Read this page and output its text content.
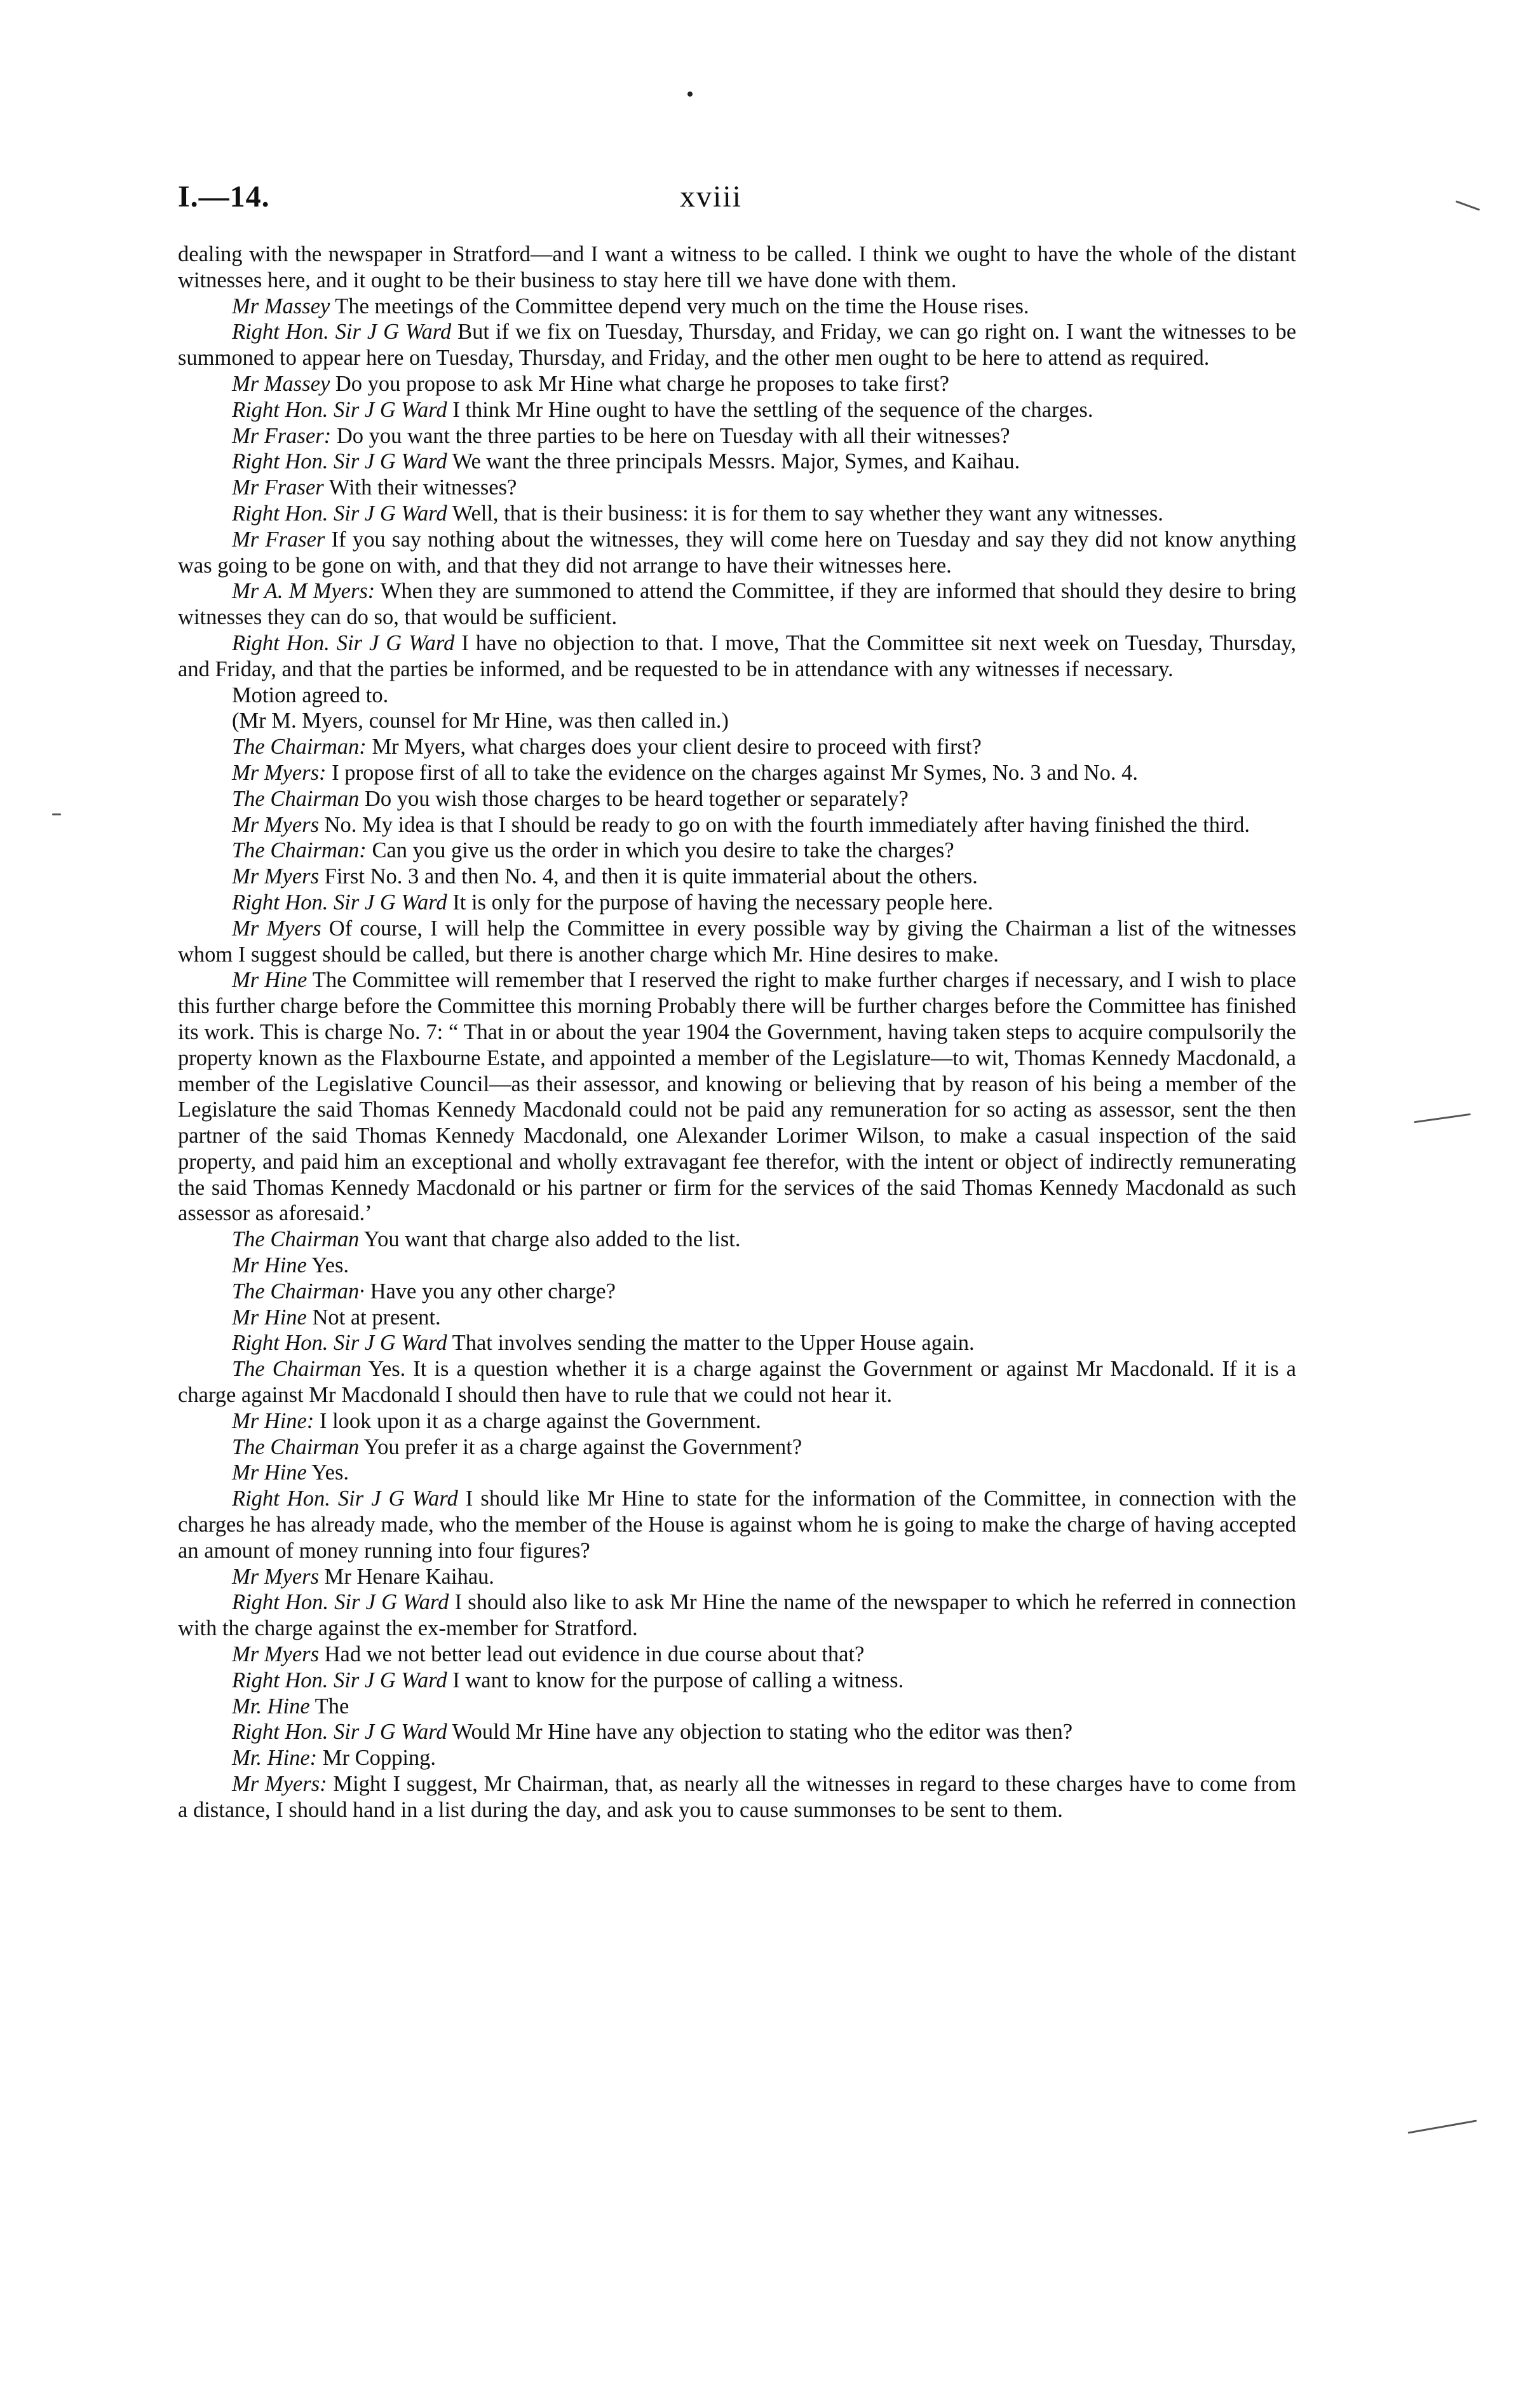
I.—14.	xviii

dealing with the newspaper in Stratford—and I want a witness to be called. I think we ought to have the whole of the distant witnesses here, and it ought to be their business to stay here till we have done with them.

Mr Massey The meetings of the Committee depend very much on the time the House rises.

Right Hon. Sir J G Ward But if we fix on Tuesday, Thursday, and Friday, we can go right on. I want the witnesses to be summoned to appear here on Tuesday, Thursday, and Friday, and the other men ought to be here to attend as required.

Mr Massey Do you propose to ask Mr Hine what charge he proposes to take first?

Right Hon. Sir J G Ward I think Mr Hine ought to have the settling of the sequence of the charges.

Mr Fraser: Do you want the three parties to be here on Tuesday with all their witnesses?

Right Hon. Sir J G Ward We want the three principals Messrs. Major, Symes, and Kaihau.

Mr Fraser With their witnesses?

Right Hon. Sir J G Ward Well, that is their business: it is for them to say whether they want any witnesses.

Mr Fraser If you say nothing about the witnesses, they will come here on Tuesday and say they did not know anything was going to be gone on with, and that they did not arrange to have their witnesses here.

Mr A. M Myers: When they are summoned to attend the Committee, if they are informed that should they desire to bring witnesses they can do so, that would be sufficient.

Right Hon. Sir J G Ward I have no objection to that. I move, That the Committee sit next week on Tuesday, Thursday, and Friday, and that the parties be informed, and be requested to be in attendance with any witnesses if necessary.

Motion agreed to.

(Mr M. Myers, counsel for Mr Hine, was then called in.)

The Chairman: Mr Myers, what charges does your client desire to proceed with first?

Mr Myers: I propose first of all to take the evidence on the charges against Mr Symes, No. 3 and No. 4.

The Chairman Do you wish those charges to be heard together or separately?

Mr Myers No. My idea is that I should be ready to go on with the fourth immediately after having finished the third.

The Chairman: Can you give us the order in which you desire to take the charges?

Mr Myers First No. 3 and then No. 4, and then it is quite immaterial about the others.

Right Hon. Sir J G Ward It is only for the purpose of having the necessary people here.

Mr Myers Of course, I will help the Committee in every possible way by giving the Chairman a list of the witnesses whom I suggest should be called, but there is another charge which Mr. Hine desires to make.

Mr Hine The Committee will remember that I reserved the right to make further charges if necessary, and I wish to place this further charge before the Committee this morning Probably there will be further charges before the Committee has finished its work. This is charge No. 7: “ That in or about the year 1904 the Government, having taken steps to acquire compulsorily the property known as the Flaxbourne Estate, and appointed a member of the Legislature—to wit, Thomas Kennedy Macdonald, a member of the Legislative Council—as their assessor, and knowing or believing that by reason of his being a member of the Legislature the said Thomas Kennedy Macdonald could not be paid any remuneration for so acting as assessor, sent the then partner of the said Thomas Kennedy Macdonald, one Alexander Lorimer Wilson, to make a casual inspection of the said property, and paid him an exceptional and wholly extravagant fee therefor, with the intent or object of indirectly remunerating the said Thomas Kennedy Macdonald or his partner or firm for the services of the said Thomas Kennedy Macdonald as such assessor as aforesaid.’

The Chairman You want that charge also added to the list.

Mr Hine Yes.

The Chairman· Have you any other charge?

Mr Hine Not at present.

Right Hon. Sir J G Ward That involves sending the matter to the Upper House again.

The Chairman Yes. It is a question whether it is a charge against the Government or against Mr Macdonald. If it is a charge against Mr Macdonald I should then have to rule that we could not hear it.

Mr Hine: I look upon it as a charge against the Government.

The Chairman You prefer it as a charge against the Government?

Mr Hine Yes.

Right Hon. Sir J G Ward I should like Mr Hine to state for the information of the Committee, in connection with the charges he has already made, who the member of the House is against whom he is going to make the charge of having accepted an amount of money running into four figures?

Mr Myers Mr Henare Kaihau.

Right Hon. Sir J G Ward I should also like to ask Mr Hine the name of the newspaper to which he referred in connection with the charge against the ex-member for Stratford.

Mr Myers Had we not better lead out evidence in due course about that?

Right Hon. Sir J G Ward I want to know for the purpose of calling a witness.

Mr. Hine The

Right Hon. Sir J G Ward Would Mr Hine have any objection to stating who the editor was then?

Mr. Hine: Mr Copping.

Mr Myers: Might I suggest, Mr Chairman, that, as nearly all the witnesses in regard to these charges have to come from a distance, I should hand in a list during the day, and ask you to cause summonses to be sent to them.
